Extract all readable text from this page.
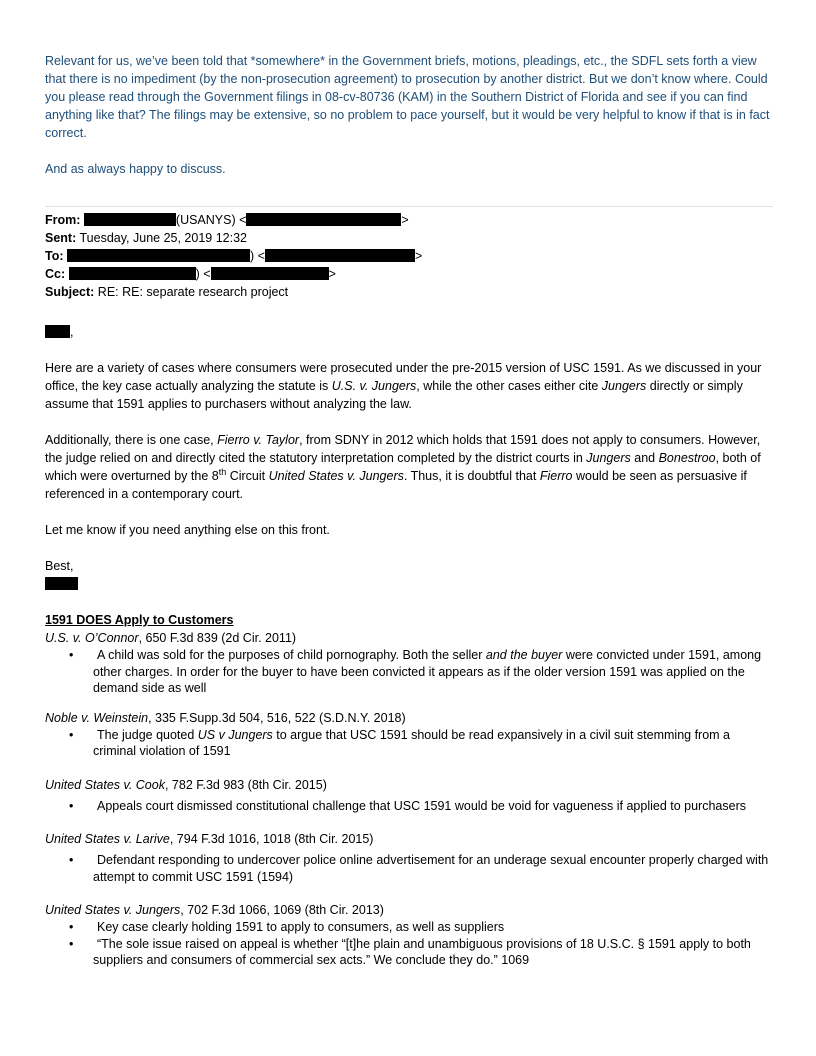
Relevant for us, we’ve been told that *somewhere* in the Government briefs, motions, pleadings, etc., the SDFL sets forth a view that there is no impediment (by the non-prosecution agreement) to prosecution by another district. But we don’t know where. Could you please read through the Government filings in 08-cv-80736 (KAM) in the Southern District of Florida and see if you can find anything like that? The filings may be extensive, so no problem to pace yourself, but it would be very helpful to know if that is in fact correct.

And as always happy to discuss.

From:	(USANYS) <	>
Sent: Tuesday, June 25, 2019 12:32
To:	) <	>
Cc:	) <	>
Subject: RE: RE: separate research project
,

Here are a variety of cases where consumers were prosecuted under the pre-2015 version of USC 1591. As we discussed in your office, the key case actually analyzing the statute is U.S. v. Jungers, while the other cases either cite Jungers directly or simply assume that 1591 applies to purchasers without analyzing the law.

Additionally, there is one case, Fierro v. Taylor, from SDNY in 2012 which holds that 1591 does not apply to consumers. However, the judge relied on and directly cited the statutory interpretation completed by the district courts in Jungers and Bonestroo, both of which were overturned by the 8th Circuit United States v. Jungers. Thus, it is doubtful that Fierro would be seen as persuasive if referenced in a contemporary court.

Let me know if you need anything else on this front.

Best,

1591 DOES Apply to Customers
U.S. v. O’Connor, 650 F.3d 839 (2d Cir. 2011)
•	A child was sold for the purposes of child pornography. Both the seller and the buyer were convicted under 1591, among other charges. In order for the buyer to have been convicted it appears as if the older version 1591 was applied on the demand side as well
Noble v. Weinstein, 335 F.Supp.3d 504, 516, 522 (S.D.N.Y. 2018)
•	The judge quoted US v Jungers to argue that USC 1591 should be read expansively in a civil suit stemming from a criminal violation of 1591
United States v. Cook, 782 F.3d 983 (8th Cir. 2015)
•	Appeals court dismissed constitutional challenge that USC 1591 would be void for vagueness if applied to purchasers
United States v. Larive, 794 F.3d 1016, 1018 (8th Cir. 2015)
•	Defendant responding to undercover police online advertisement for an underage sexual encounter properly charged with attempt to commit USC 1591 (1594)
United States v. Jungers, 702 F.3d 1066, 1069 (8th Cir. 2013)
•	Key case clearly holding 1591 to apply to consumers, as well as suppliers
•	“The sole issue raised on appeal is whether “[t]he plain and unambiguous provisions of 18 U.S.C. § 1591 apply to both suppliers and consumers of commercial sex acts.” We conclude they do.” 1069
